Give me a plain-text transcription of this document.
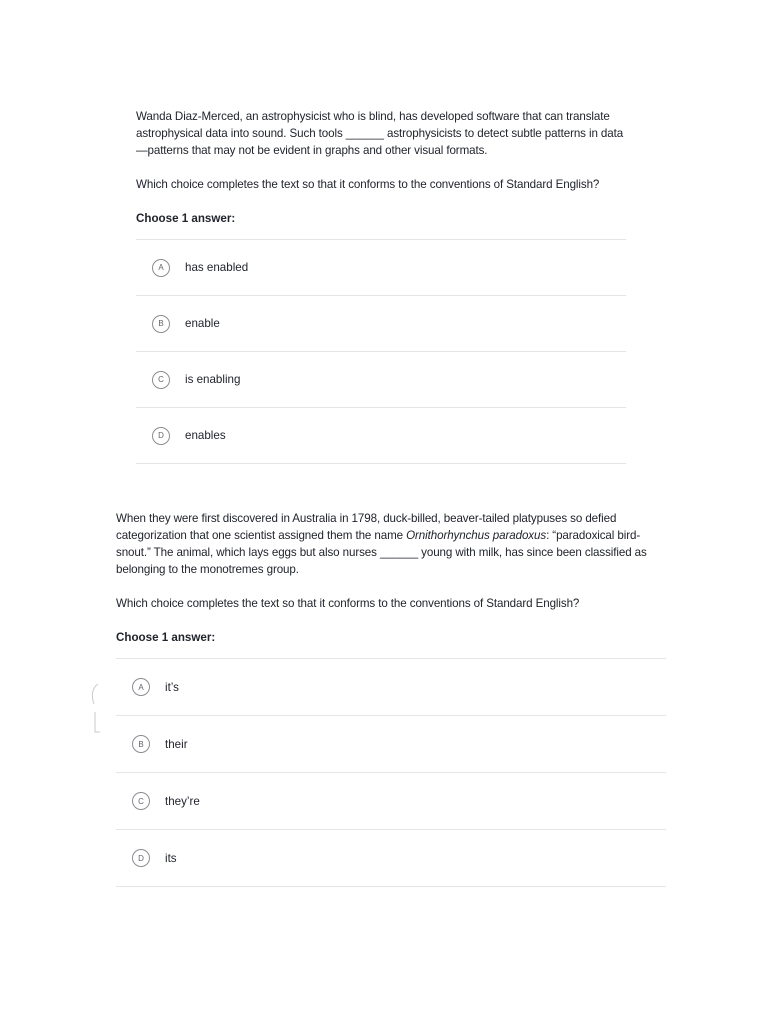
Wanda Diaz-Merced, an astrophysicist who is blind, has developed software that can translate astrophysical data into sound. Such tools ______ astrophysicists to detect subtle patterns in data —patterns that may not be evident in graphs and other visual formats.

Which choice completes the text so that it conforms to the conventions of Standard English?

Choose 1 answer:

A	has enabled
B	enable
C	is enabling
D	enables

When they were first discovered in Australia in 1798, duck-billed, beaver-tailed platypuses so defied categorization that one scientist assigned them the name Ornithorhynchus paradoxus: “paradoxical bird-snout.” The animal, which lays eggs but also nurses ______ young with milk, has since been classified as belonging to the monotremes group.

Which choice completes the text so that it conforms to the conventions of Standard English?

Choose 1 answer:

A	it’s
B	their
C	they’re
D	its
